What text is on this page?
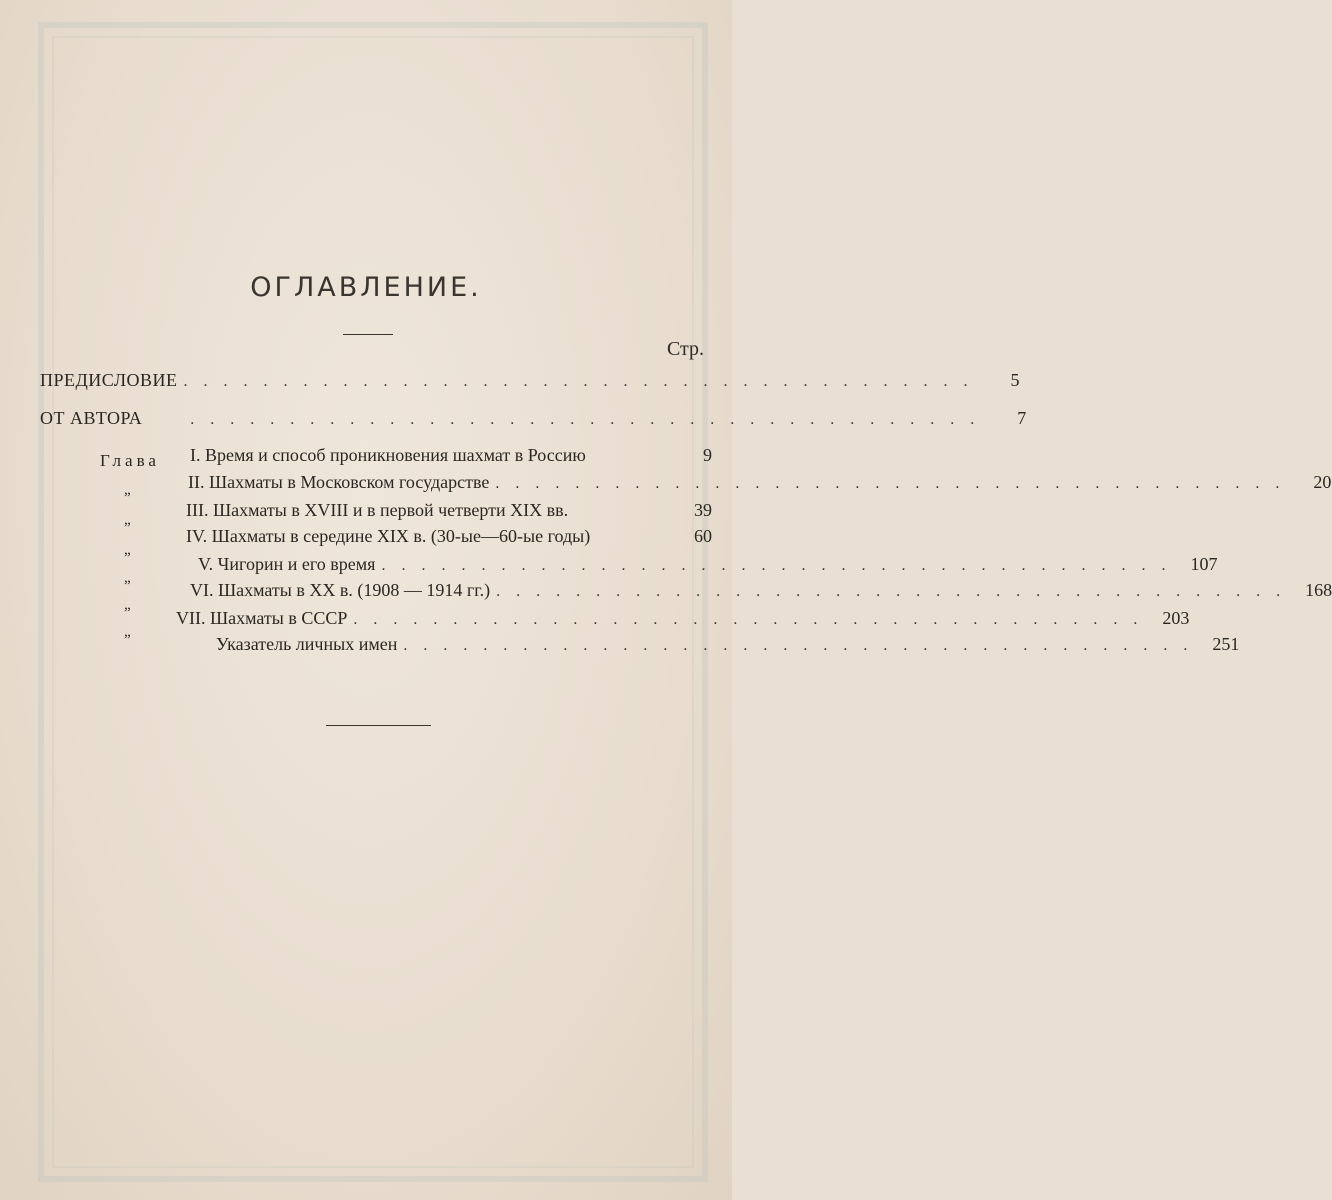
ОГЛАВЛЕНИЕ.
Стр.
ПРЕДИСЛОВИЕ . . . . . . . . . . . . . . . . . . . . . . . . . . . . . . . . . . . . . . . .	5
ОТ АВТОРА	. . . . . . . . . . . . . . . . . . . . . . . . . . . . . . . . . . . . . . . .	7
Глава
„
„
„
„
„
„
I. Время и способ проникновения шахмат в Россию	9
II. Шахматы в Московском государстве . . . . . . . . . . . . . . . . . . . . . . . . . . . . . . . . . . . . . . . .	20
III. Шахматы в XVIII и в первой четверти XIX вв.	39
IV. Шахматы в середине XIX в. (30-ые—60-ые годы)	60
V. Чигорин и его время . . . . . . . . . . . . . . . . . . . . . . . . . . . . . . . . . . . . . . . .	107
VI. Шахматы в XX в. (1908 — 1914 гг.) . . . . . . . . . . . . . . . . . . . . . . . . . . . . . . . . . . . . . . . .	168
VII. Шахматы в СССР . . . . . . . . . . . . . . . . . . . . . . . . . . . . . . . . . . . . . . . .	203
Указатель личных имен . . . . . . . . . . . . . . . . . . . . . . . . . . . . . . . . . . . . . . . .	251
